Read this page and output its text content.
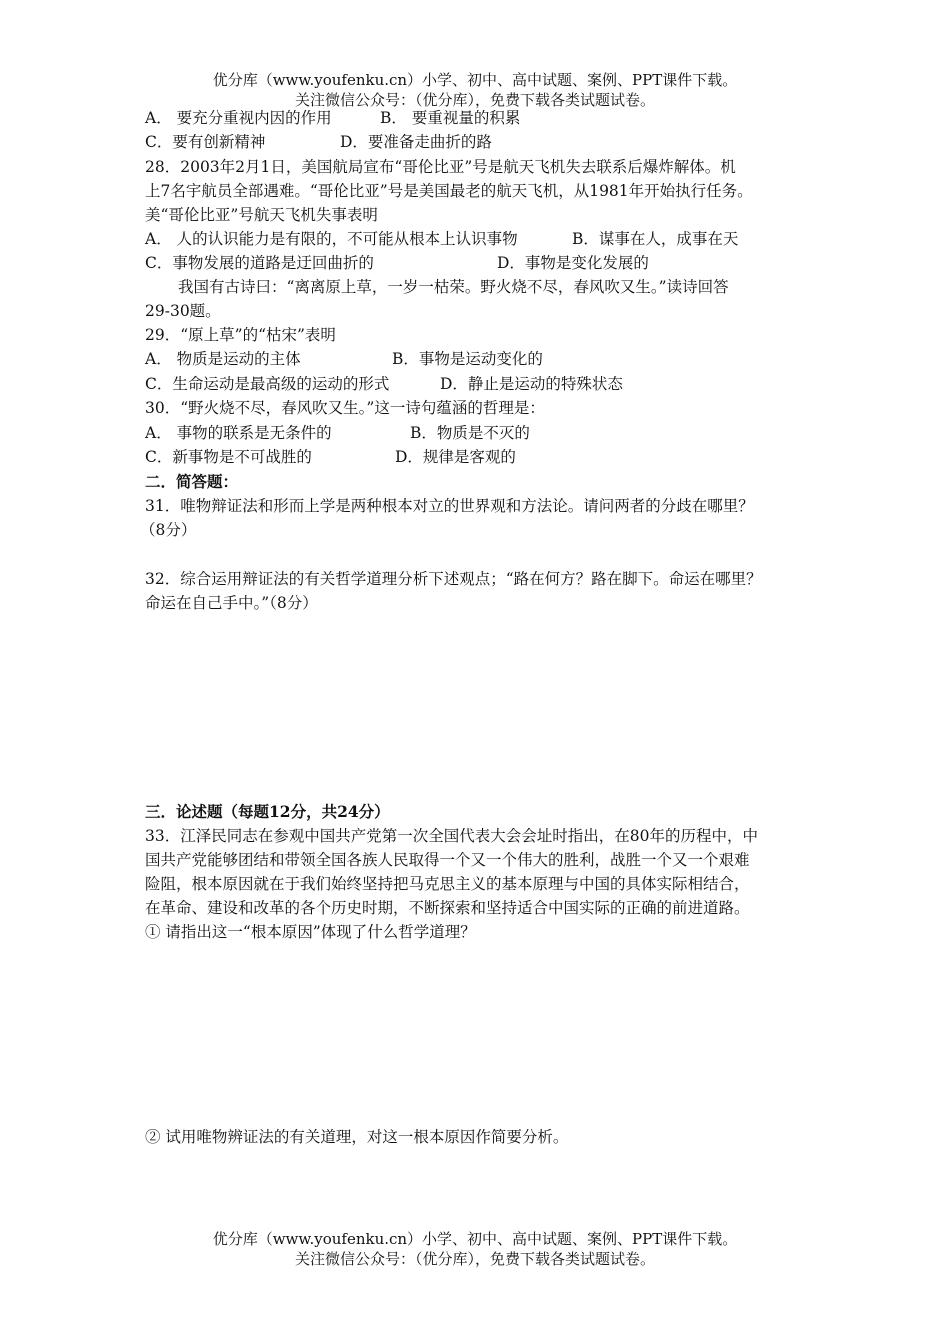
优分库（www.youfenku.cn）小学、初中、高中试题、案例、PPT课件下载。
关注微信公众号：（优分库），免费下载各类试题试卷。
A． 要充分重视内因的作用	B． 要重视量的积累
C．要有创新精神	D．要准备走曲折的路
28．2003年2月1日，美国航局宣布“哥伦比亚”号是航天飞机失去联系后爆炸解体。机
上7名宇航员全部遇难。“哥伦比亚”号是美国最老的航天飞机，从1981年开始执行任务。
美“哥伦比亚”号航天飞机失事表明
A． 人的认识能力是有限的，不可能从根本上认识事物	B．谋事在人，成事在天
C．事物发展的道路是迂回曲折的	D．事物是变化发展的
我国有古诗曰：“离离原上草，一岁一枯荣。野火烧不尽，春风吹又生。”读诗回答
29-30题。
29．“原上草”的“枯宋”表明
A． 物质是运动的主体	B．事物是运动变化的
C．生命运动是最高级的运动的形式	D．静止是运动的特殊状态
30．“野火烧不尽，春风吹又生。”这一诗句蕴涵的哲理是：
A． 事物的联系是无条件的	B．物质是不灭的
C．新事物是不可战胜的	D．规律是客观的
二．简答题：
31．唯物辩证法和形而上学是两种根本对立的世界观和方法论。请问两者的分歧在哪里？
（8分）
32．综合运用辩证法的有关哲学道理分析下述观点；“路在何方？路在脚下。命运在哪里？
命运在自己手中。”（8分）
三．论述题（每题12分，共24分）
33．江泽民同志在参观中国共产党第一次全国代表大会会址时指出，在80年的历程中，中
国共产党能够团结和带领全国各族人民取得一个又一个伟大的胜利，战胜一个又一个艰难
险阻，根本原因就在于我们始终坚持把马克思主义的基本原理与中国的具体实际相结合，
在革命、建设和改革的各个历史时期，不断探索和坚持适合中国实际的正确的前进道路。
① 请指出这一“根本原因”体现了什么哲学道理？
② 试用唯物辨证法的有关道理，对这一根本原因作简要分析。
优分库（www.youfenku.cn）小学、初中、高中试题、案例、PPT课件下载。
关注微信公众号：（优分库），免费下载各类试题试卷。
